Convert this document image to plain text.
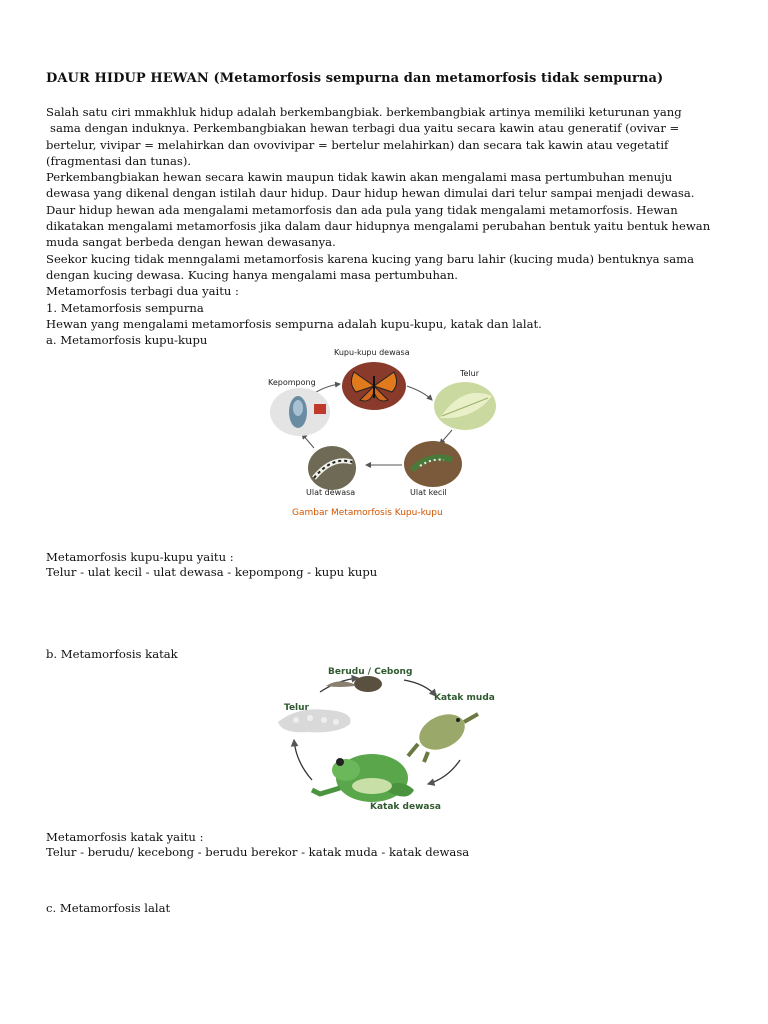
DAUR HIDUP HEWAN (Metamorfosis sempurna dan metamorfosis tidak sempurna)

Salah satu ciri mmakhluk hidup adalah berkembangbiak. berkembangbiak artinya memiliki keturunan yang

sama dengan induknya. Perkembangbiakan hewan terbagi dua yaitu secara kawin atau generatif (ovivar =

bertelur, vivipar = melahirkan dan ovovivipar = bertelur melahirkan) dan secara tak kawin atau vegetatif

(fragmentasi dan tunas).

Perkembangbiakan hewan secara kawin maupun tidak kawin akan mengalami masa pertumbuhan menuju

dewasa yang dikenal dengan istilah daur hidup. Daur hidup hewan dimulai dari telur sampai menjadi dewasa.

Daur hidup hewan ada mengalami metamorfosis dan ada pula yang tidak mengalami metamorfosis. Hewan

dikatakan mengalami metamorfosis jika dalam daur hidupnya mengalami perubahan bentuk yaitu bentuk hewan

muda sangat berbeda dengan hewan dewasanya.

Seekor kucing tidak menngalami metamorfosis karena kucing yang baru lahir (kucing muda) bentuknya sama

dengan kucing dewasa. Kucing hanya mengalami masa pertumbuhan.

Metamorfosis terbagi dua yaitu :

1. Metamorfosis sempurna

Hewan yang mengalami metamorfosis sempurna adalah kupu-kupu, katak dan lalat.

a. Metamorfosis kupu-kupu

Kupu-kupu dewasa
Telur
Kepompong
Ulat dewasa	Ulat kecil
Gambar Metamorfosis Kupu-kupu
Metamorfosis kupu-kupu yaitu :
Telur - ulat kecil - ulat dewasa - kepompong - kupu kupu
b. Metamorfosis katak
Berudu / Cebong
Telur
Katak muda
Katak dewasa
Metamorfosis katak yaitu :
Telur - berudu/ kecebong - berudu berekor - katak muda - katak dewasa
c. Metamorfosis lalat
